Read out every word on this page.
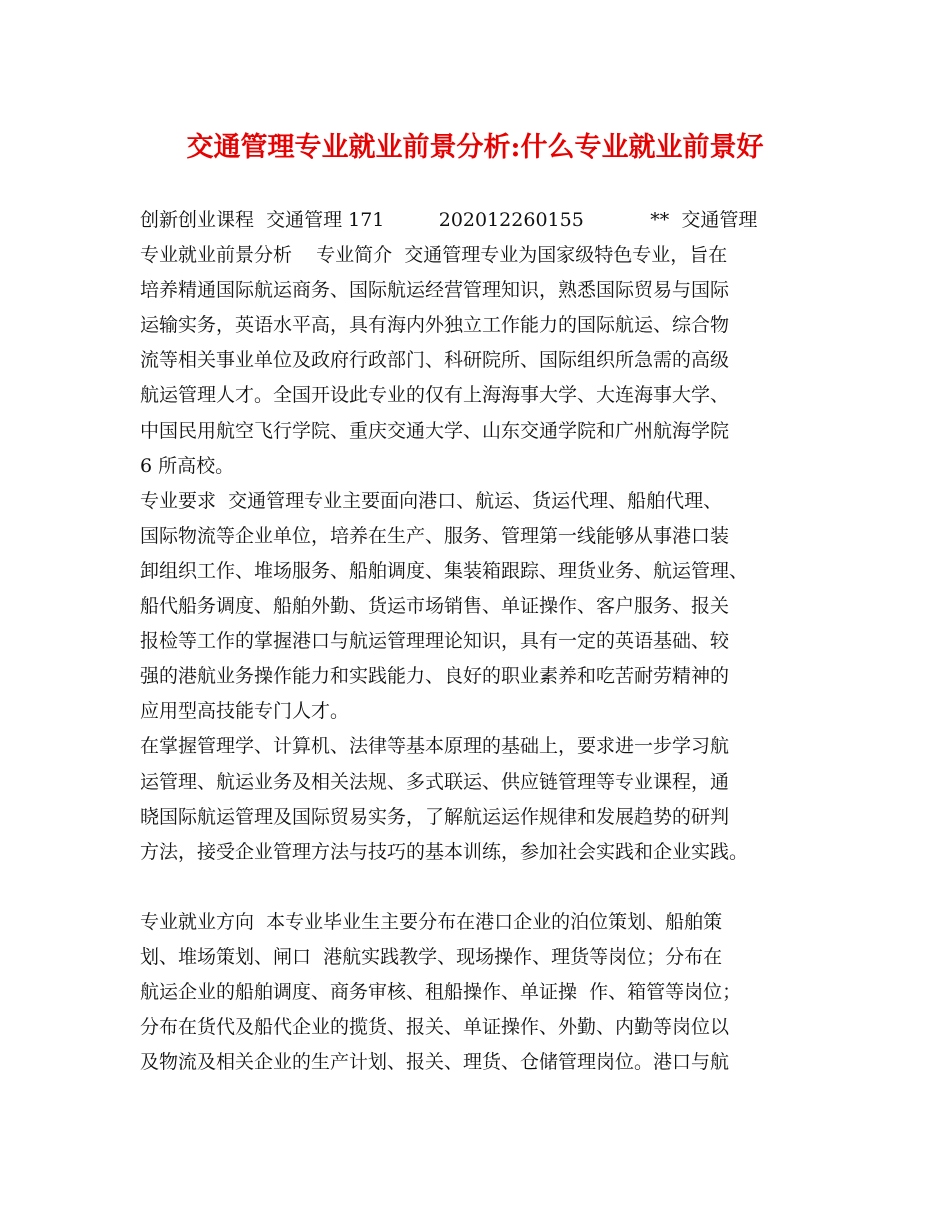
交通管理专业就业前景分析:什么专业就业前景好
创新创业课程  交通管理 171         202012260155           **  交通管理
专业就业前景分析    专业简介  交通管理专业为国家级特色专业，旨在
培养精通国际航运商务、国际航运经营管理知识，熟悉国际贸易与国际
运输实务，英语水平高，具有海内外独立工作能力的国际航运、综合物
流等相关事业单位及政府行政部门、科研院所、国际组织所急需的高级
航运管理人才。全国开设此专业的仅有上海海事大学、大连海事大学、
中国民用航空飞行学院、重庆交通大学、山东交通学院和广州航海学院
6 所高校。
专业要求  交通管理专业主要面向港口、航运、货运代理、船舶代理、
国际物流等企业单位，培养在生产、服务、管理第一线能够从事港口装
卸组织工作、堆场服务、船舶调度、集装箱跟踪、理货业务、航运管理、
船代船务调度、船舶外勤、货运市场销售、单证操作、客户服务、报关
报检等工作的掌握港口与航运管理理论知识，具有一定的英语基础、较
强的港航业务操作能力和实践能力、良好的职业素养和吃苦耐劳精神的
应用型高技能专门人才。
在掌握管理学、计算机、法律等基本原理的基础上，要求进一步学习航
运管理、航运业务及相关法规、多式联运、供应链管理等专业课程，通
晓国际航运管理及国际贸易实务，了解航运运作规律和发展趋势的研判
方法，接受企业管理方法与技巧的基本训练，参加社会实践和企业实践。
专业就业方向  本专业毕业生主要分布在港口企业的泊位策划、船舶策
划、堆场策划、闸口  港航实践教学、现场操作、理货等岗位；分布在
航运企业的船舶调度、商务审核、租船操作、单证操  作、箱管等岗位；
分布在货代及船代企业的揽货、报关、单证操作、外勤、内勤等岗位以
及物流及相关企业的生产计划、报关、理货、仓储管理岗位。港口与航
